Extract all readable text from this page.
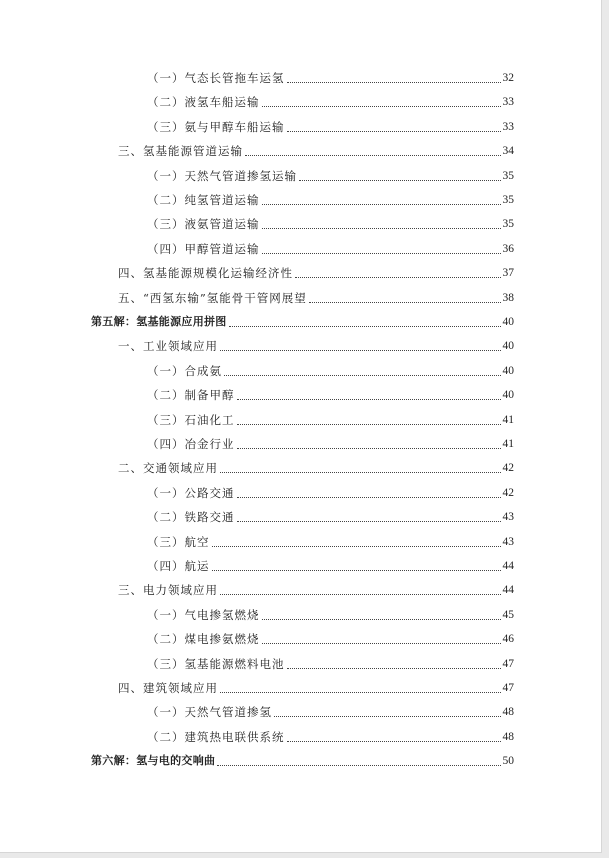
（一）气态长管拖车运氢	32
（二）液氢车船运输	33
（三）氨与甲醇车船运输	33
三、氢基能源管道运输	34
（一）天然气管道掺氢运输	35
（二）纯氢管道运输	35
（三）液氨管道运输	35
（四）甲醇管道运输	36
四、氢基能源规模化运输经济性	37
五、“西氢东输”氢能骨干管网展望	38
第五解：氢基能源应用拼图	40
一、工业领域应用	40
（一）合成氨	40
（二）制备甲醇	40
（三）石油化工	41
（四）冶金行业	41
二、交通领域应用	42
（一）公路交通	42
（二）铁路交通	43
（三）航空	43
（四）航运	44
三、电力领域应用	44
（一）气电掺氢燃烧	45
（二）煤电掺氨燃烧	46
（三）氢基能源燃料电池	47
四、建筑领域应用	47
（一）天然气管道掺氢	48
（二）建筑热电联供系统	48
第六解：氢与电的交响曲	50
